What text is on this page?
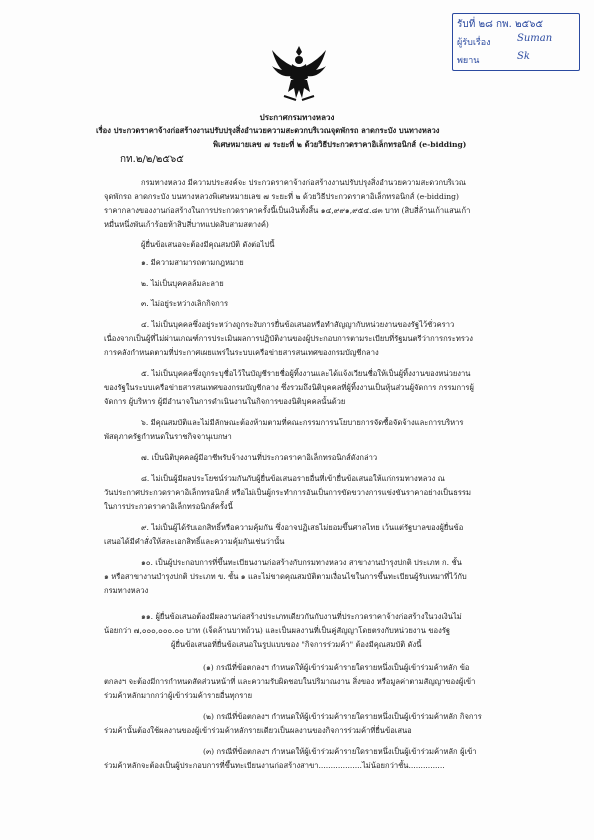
รับที่ ๒๘ กพ. ๒๕๖๕
ผู้รับเรื่อง	Suman
พยาน	Sk
ประกาศกรมทางหลวง
เรื่อง ประกวดราคาจ้างก่อสร้างงานปรับปรุงสิ่งอำนวยความสะดวกบริเวณจุดพักรถ ลาดกระบัง บนทางหลวง
พิเศษหมายเลข ๗ ระยะที่ ๒ ด้วยวิธีประกวดราคาอิเล็กทรอนิกส์ (e-bidding)
กท.๒/๒/๒๕๖๕
กรมทางหลวง มีความประสงค์จะ ประกวดราคาจ้างก่อสร้างงานปรับปรุงสิ่งอำนวยความสะดวกบริเวณ
จุดพักรถ ลาดกระบัง บนทางหลวงพิเศษหมายเลข ๗ ระยะที่ ๒ ด้วยวิธีประกวดราคาอิเล็กทรอนิกส์ (e-bidding)
ราคากลางของงานก่อสร้างในการประกวดราคาครั้งนี้เป็นเงินทั้งสิ้น ๑๔,๙๙๑,๙๕๔.๘๓ บาท (สิบสี่ล้านเก้าแสนเก้า
หมื่นหนึ่งพันเก้าร้อยห้าสิบสี่บาทแปดสิบสามสตางค์)
ผู้ยื่นข้อเสนอจะต้องมีคุณสมบัติ ดังต่อไปนี้
๑. มีความสามารถตามกฎหมาย
๒. ไม่เป็นบุคคลล้มละลาย
๓. ไม่อยู่ระหว่างเลิกกิจการ
๔. ไม่เป็นบุคคลซึ่งอยู่ระหว่างถูกระงับการยื่นข้อเสนอหรือทำสัญญากับหน่วยงานของรัฐไว้ชั่วคราว
เนื่องจากเป็นผู้ที่ไม่ผ่านเกณฑ์การประเมินผลการปฏิบัติงานของผู้ประกอบการตามระเบียบที่รัฐมนตรีว่าการกระทรวง
การคลังกำหนดตามที่ประกาศเผยแพร่ในระบบเครือข่ายสารสนเทศของกรมบัญชีกลาง
๕. ไม่เป็นบุคคลซึ่งถูกระบุชื่อไว้ในบัญชีรายชื่อผู้ทิ้งงานและได้แจ้งเวียนชื่อให้เป็นผู้ทิ้งงานของหน่วยงาน
ของรัฐในระบบเครือข่ายสารสนเทศของกรมบัญชีกลาง ซึ่งรวมถึงนิติบุคคลที่ผู้ทิ้งงานเป็นหุ้นส่วนผู้จัดการ กรรมการผู้
จัดการ ผู้บริหาร ผู้มีอำนาจในการดำเนินงานในกิจการของนิติบุคคลนั้นด้วย
๖. มีคุณสมบัติและไม่มีลักษณะต้องห้ามตามที่คณะกรรมการนโยบายการจัดซื้อจัดจ้างและการบริหาร
พัสดุภาครัฐกำหนดในราชกิจจานุเบกษา
๗. เป็นนิติบุคคลผู้มีอาชีพรับจ้างงานที่ประกวดราคาอิเล็กทรอนิกส์ดังกล่าว
๘. ไม่เป็นผู้มีผลประโยชน์ร่วมกันกับผู้ยื่นข้อเสนอรายอื่นที่เข้ายื่นข้อเสนอให้แก่กรมทางหลวง ณ
วันประกาศประกวดราคาอิเล็กทรอนิกส์ หรือไม่เป็นผู้กระทำการอันเป็นการขัดขวางการแข่งขันราคาอย่างเป็นธรรม
ในการประกวดราคาอิเล็กทรอนิกส์ครั้งนี้
๙. ไม่เป็นผู้ได้รับเอกสิทธิ์หรือความคุ้มกัน ซึ่งอาจปฏิเสธไม่ยอมขึ้นศาลไทย เว้นแต่รัฐบาลของผู้ยื่นข้อ
เสนอได้มีคำสั่งให้สละเอกสิทธิ์และความคุ้มกันเช่นว่านั้น
๑๐. เป็นผู้ประกอบการที่ขึ้นทะเบียนงานก่อสร้างกับกรมทางหลวง สาขางานบำรุงปกติ ประเภท ก. ชั้น
๑ หรือสาขางานบำรุงปกติ ประเภท ข. ชั้น ๑ และไม่ขาดคุณสมบัติตามเงื่อนไขในการขึ้นทะเบียนผู้รับเหมาที่ไว้กับ
กรมทางหลวง
๑๑. ผู้ยื่นข้อเสนอต้องมีผลงานก่อสร้างประเภทเดียวกันกับงานที่ประกวดราคาจ้างก่อสร้างในวงเงินไม่
น้อยกว่า ๗,๐๐๐,๐๐๐.๐๐ บาท (เจ็ดล้านบาทถ้วน) และเป็นผลงานที่เป็นคู่สัญญาโดยตรงกับหน่วยงาน ของรัฐ
ผู้ยื่นข้อเสนอที่ยื่นข้อเสนอในรูปแบบของ "กิจการร่วมค้า" ต้องมีคุณสมบัติ ดังนี้
(๑) กรณีที่ข้อตกลงฯ กำหนดให้ผู้เข้าร่วมค้ารายใดรายหนึ่งเป็นผู้เข้าร่วมค้าหลัก ข้อ
ตกลงฯ จะต้องมีการกำหนดสัดส่วนหน้าที่ และความรับผิดชอบในปริมาณงาน สิ่งของ หรือมูลค่าตามสัญญาของผู้เข้า
ร่วมค้าหลักมากกว่าผู้เข้าร่วมค้ารายอื่นทุกราย
(๒) กรณีที่ข้อตกลงฯ กำหนดให้ผู้เข้าร่วมค้ารายใดรายหนึ่งเป็นผู้เข้าร่วมค้าหลัก กิจการ
ร่วมค้านั้นต้องใช้ผลงานของผู้เข้าร่วมค้าหลักรายเดียวเป็นผลงานของกิจการร่วมค้าที่ยื่นข้อเสนอ
(๓) กรณีที่ข้อตกลงฯ กำหนดให้ผู้เข้าร่วมค้ารายใดรายหนึ่งเป็นผู้เข้าร่วมค้าหลัก ผู้เข้า
ร่วมค้าหลักจะต้องเป็นผู้ประกอบการที่ขึ้นทะเบียนงานก่อสร้างสาขา..................ไม่น้อยกว่าชั้น...............
